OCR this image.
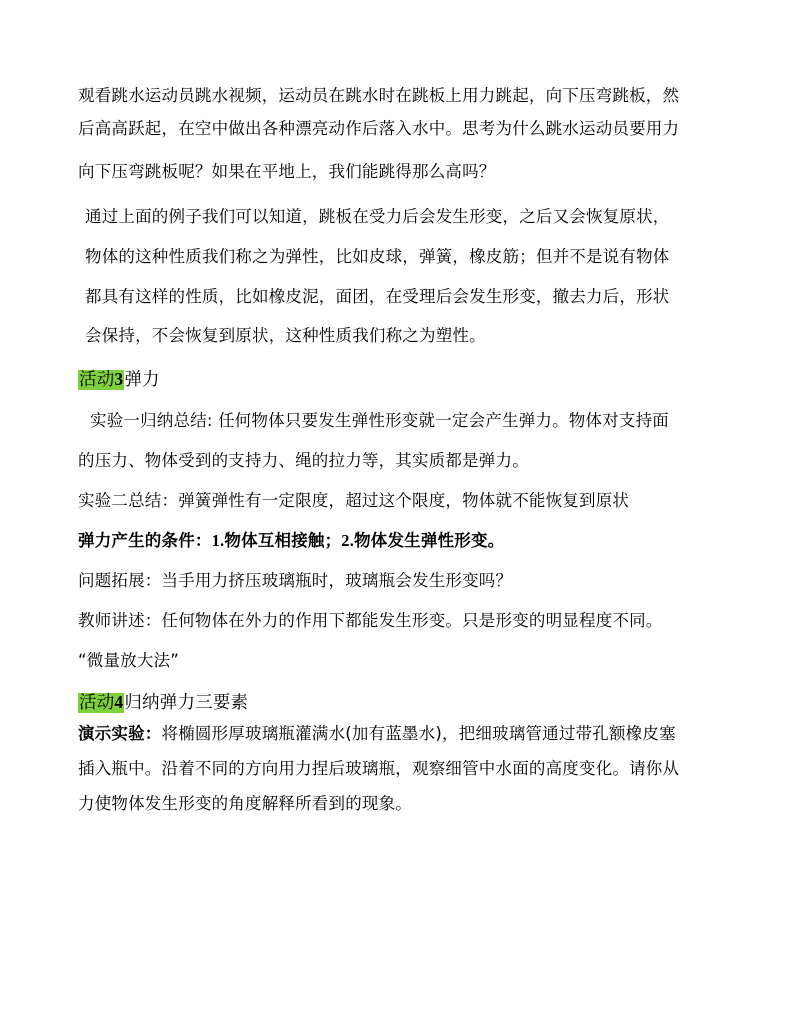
观看跳水运动员跳水视频，运动员在跳水时在跳板上用力跳起，向下压弯跳板，然
后高高跃起，在空中做出各种漂亮动作后落入水中。思考为什么跳水运动员要用力
向下压弯跳板呢？如果在平地上，我们能跳得那么高吗？
通过上面的例子我们可以知道，跳板在受力后会发生形变，之后又会恢复原状，
物体的这种性质我们称之为弹性，比如皮球，弹簧，橡皮筋；但并不是说有物体
都具有这样的性质，比如橡皮泥，面团，在受理后会发生形变，撤去力后，形状
会保持，不会恢复到原状，这种性质我们称之为塑性。
活动3弹力
实验一归纳总结: 任何物体只要发生弹性形变就一定会产生弹力。物体对支持面
的压力、物体受到的支持力、绳的拉力等，其实质都是弹力。
实验二总结：弹簧弹性有一定限度，超过这个限度，物体就不能恢复到原状
弹力产生的条件：1.物体互相接触；2.物体发生弹性形变。
问题拓展：当手用力挤压玻璃瓶时，玻璃瓶会发生形变吗？
教师讲述：任何物体在外力的作用下都能发生形变。只是形变的明显程度不同。
“微量放大法”
活动4归纳弹力三要素
演示实验：将椭圆形厚玻璃瓶灌满水(加有蓝墨水)，把细玻璃管通过带孔额橡皮塞
插入瓶中。沿着不同的方向用力捏后玻璃瓶，观察细管中水面的高度变化。请你从
力使物体发生形变的角度解释所看到的现象。
